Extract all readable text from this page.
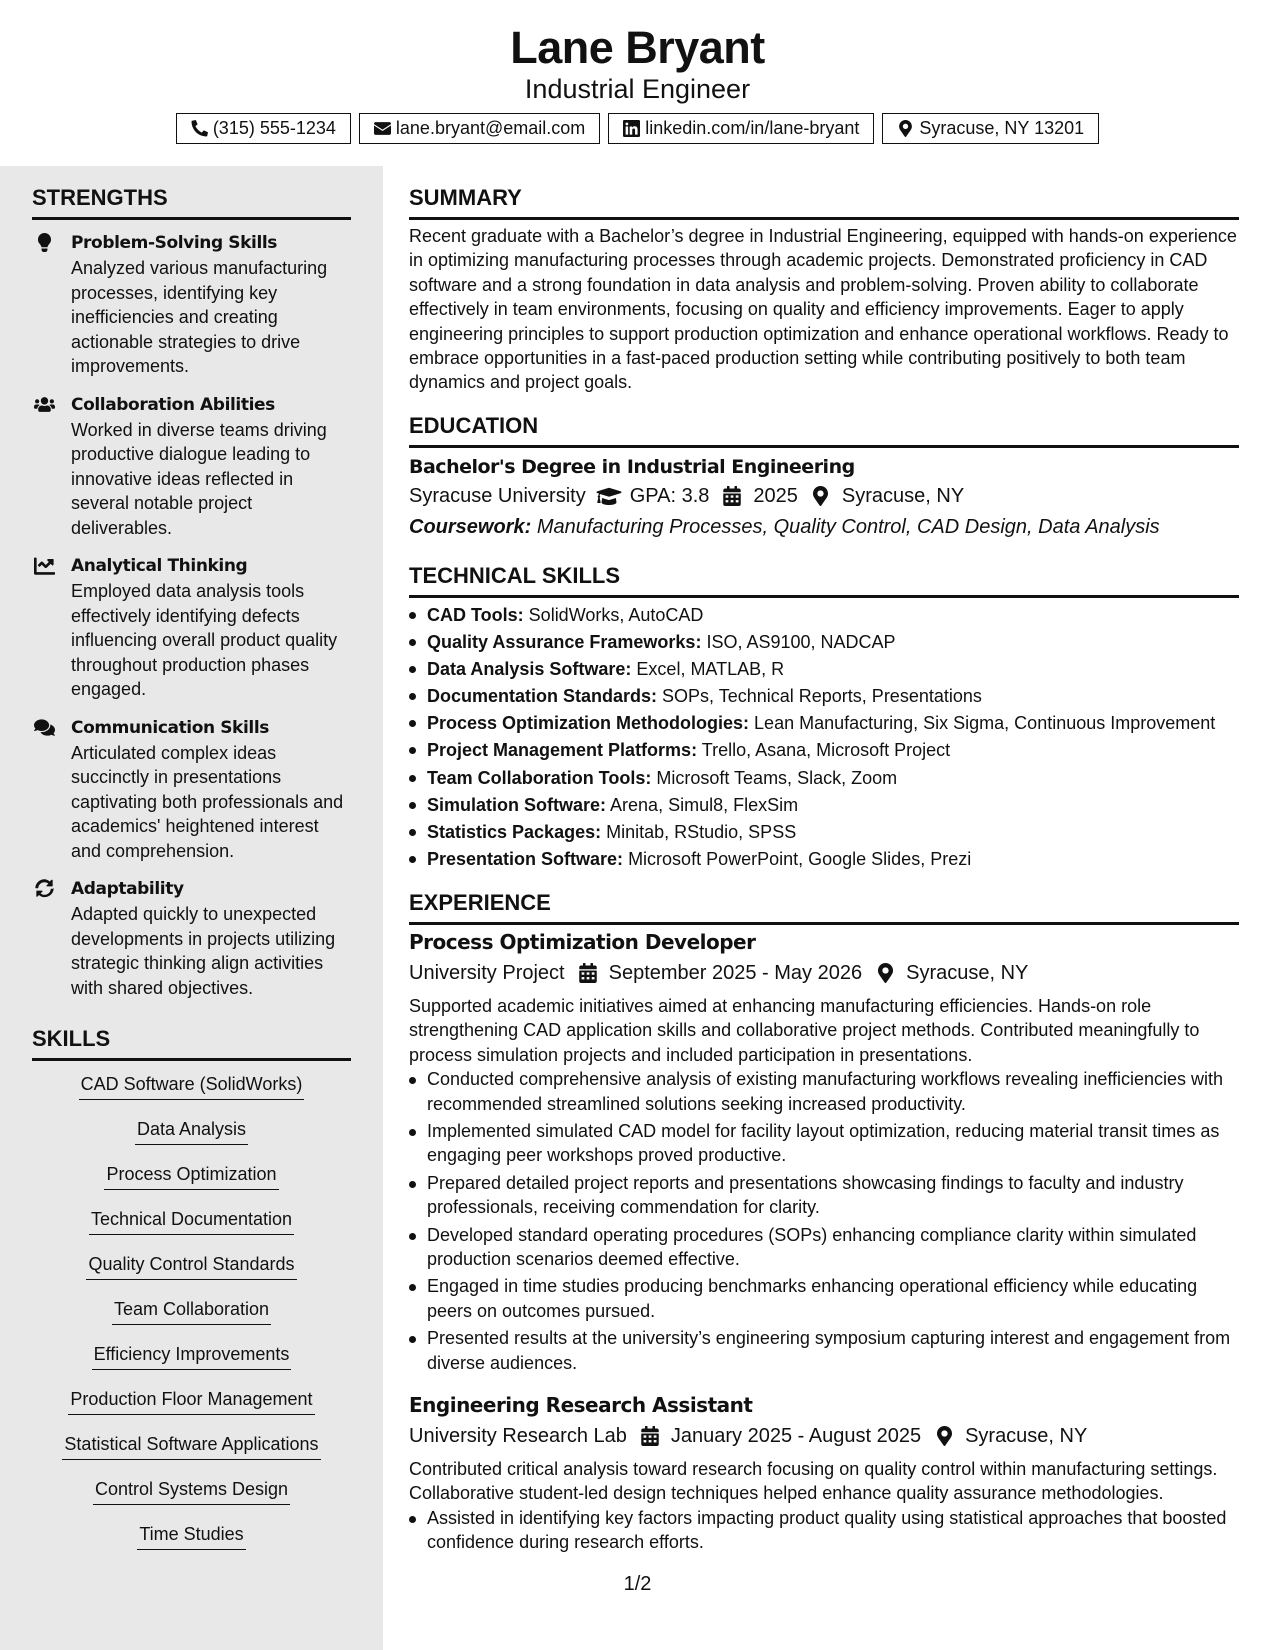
Lane Bryant
Industrial Engineer
(315) 555-1234	lane.bryant@email.com	linkedin.com/in/lane-bryant	Syracuse, NY 13201
STRENGTHS
Problem-Solving Skills
Analyzed various manufacturing processes, identifying key inefficiencies and creating actionable strategies to drive improvements.
Collaboration Abilities
Worked in diverse teams driving productive dialogue leading to innovative ideas reflected in several notable project deliverables.
Analytical Thinking
Employed data analysis tools effectively identifying defects influencing overall product quality throughout production phases engaged.
Communication Skills
Articulated complex ideas succinctly in presentations captivating both professionals and academics' heightened interest and comprehension.
Adaptability
Adapted quickly to unexpected developments in projects utilizing strategic thinking align activities with shared objectives.
SKILLS
CAD Software (SolidWorks)
Data Analysis
Process Optimization
Technical Documentation
Quality Control Standards
Team Collaboration
Efficiency Improvements
Production Floor Management
Statistical Software Applications
Control Systems Design
Time Studies
SUMMARY
Recent graduate with a Bachelor’s degree in Industrial Engineering, equipped with hands-on experience in optimizing manufacturing processes through academic projects. Demonstrated proficiency in CAD software and a strong foundation in data analysis and problem-solving. Proven ability to collaborate effectively in team environments, focusing on quality and efficiency improvements. Eager to apply engineering principles to support production optimization and enhance operational workflows. Ready to embrace opportunities in a fast-paced production setting while contributing positively to both team dynamics and project goals.
EDUCATION
Bachelor's Degree in Industrial Engineering
Syracuse University GPA: 3.8 2025 Syracuse, NY
Coursework: Manufacturing Processes, Quality Control, CAD Design, Data Analysis
TECHNICAL SKILLS
CAD Tools: SolidWorks, AutoCAD
Quality Assurance Frameworks: ISO, AS9100, NADCAP
Data Analysis Software: Excel, MATLAB, R
Documentation Standards: SOPs, Technical Reports, Presentations
Process Optimization Methodologies: Lean Manufacturing, Six Sigma, Continuous Improvement
Project Management Platforms: Trello, Asana, Microsoft Project
Team Collaboration Tools: Microsoft Teams, Slack, Zoom
Simulation Software: Arena, Simul8, FlexSim
Statistics Packages: Minitab, RStudio, SPSS
Presentation Software: Microsoft PowerPoint, Google Slides, Prezi
EXPERIENCE
Process Optimization Developer
University Project September 2025 - May 2026 Syracuse, NY
Supported academic initiatives aimed at enhancing manufacturing efficiencies. Hands-on role strengthening CAD application skills and collaborative project methods. Contributed meaningfully to process simulation projects and included participation in presentations.
Conducted comprehensive analysis of existing manufacturing workflows revealing inefficiencies with recommended streamlined solutions seeking increased productivity.
Implemented simulated CAD model for facility layout optimization, reducing material transit times as engaging peer workshops proved productive.
Prepared detailed project reports and presentations showcasing findings to faculty and industry professionals, receiving commendation for clarity.
Developed standard operating procedures (SOPs) enhancing compliance clarity within simulated production scenarios deemed effective.
Engaged in time studies producing benchmarks enhancing operational efficiency while educating peers on outcomes pursued.
Presented results at the university’s engineering symposium capturing interest and engagement from diverse audiences.
Engineering Research Assistant
University Research Lab January 2025 - August 2025 Syracuse, NY
Contributed critical analysis toward research focusing on quality control within manufacturing settings. Collaborative student-led design techniques helped enhance quality assurance methodologies.
Assisted in identifying key factors impacting product quality using statistical approaches that boosted confidence during research efforts.
1/2
